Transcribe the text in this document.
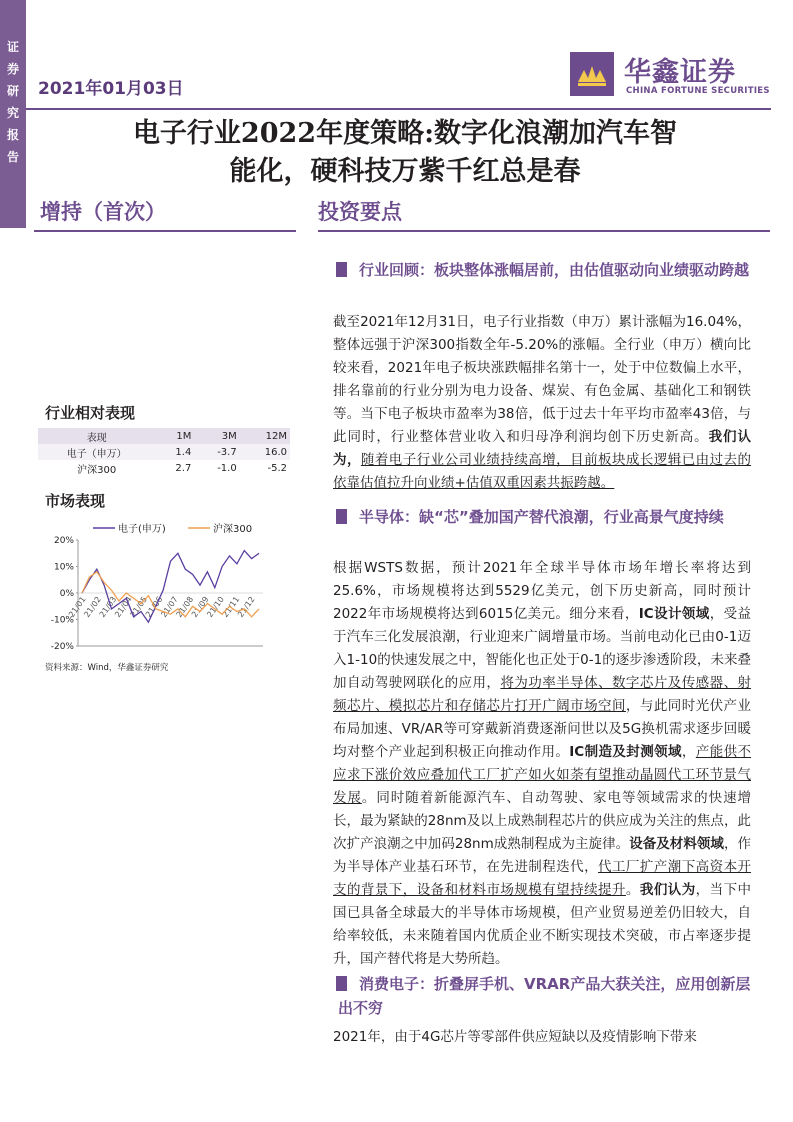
证
券
研
究
报
告
2021年01月03日
华鑫证券
CHINA FORTUNE SECURITIES
电子行业2022年度策略:数字化浪潮加汽车智
能化，硬科技万紫千红总是春
增持（首次）	投资要点
行业相对表现
表现	1M	3M	12M
电子（申万）	1.4	-3.7	16.0
沪深300	2.7	-1.0	-5.2
市场表现
20%
10%
0%
-10%
-20%
21/01
21/02
21/03
21/04
21/05
21/06
21/07
21/08
21/09
21/10
21/11
21/12
电子(申万)	沪深300
资料来源：Wind，华鑫证券研究
行业回顾：板块整体涨幅居前，由估值驱动向业绩驱动跨越
截至2021年12月31日，电子行业指数（申万）累计涨幅为16.04%，整体远强于沪深300指数全年-5.20%的涨幅。全行业（申万）横向比较来看，2021年电子板块涨跌幅排名第十一，处于中位数偏上水平，排名靠前的行业分别为电力设备、煤炭、有色金属、基础化工和钢铁等。当下电子板块市盈率为38倍，低于过去十年平均市盈率43倍，与此同时，行业整体营业收入和归母净利润均创下历史新高。我们认为，随着电子行业公司业绩持续高增，目前板块成长逻辑已由过去的依靠估值拉升向业绩+估值双重因素共振跨越。
半导体：缺“芯”叠加国产替代浪潮，行业高景气度持续
根据WSTS数据，预计2021年全球半导体市场年增长率将达到25.6%，市场规模将达到5529亿美元，创下历史新高，同时预计2022年市场规模将达到6015亿美元。细分来看，IC设计领域，受益于汽车三化发展浪潮，行业迎来广阔增量市场。当前电动化已由0-1迈入1-10的快速发展之中，智能化也正处于0-1的逐步渗透阶段，未来叠加自动驾驶网联化的应用，将为功率半导体、数字芯片及传感器、射频芯片、模拟芯片和存储芯片打开广阔市场空间，与此同时光伏产业布局加速、VR/AR等可穿戴新消费逐渐问世以及5G换机需求逐步回暖均对整个产业起到积极正向推动作用。IC制造及封测领域，产能供不应求下涨价效应叠加代工厂扩产如火如荼有望推动晶圆代工环节景气发展。同时随着新能源汽车、自动驾驶、家电等领域需求的快速增长，最为紧缺的28nm及以上成熟制程芯片的供应成为关注的焦点，此次扩产浪潮之中加码28nm成熟制程成为主旋律。设备及材料领域，作为半导体产业基石环节，在先进制程迭代，代工厂扩产潮下高资本开支的背景下，设备和材料市场规模有望持续提升。我们认为，当下中国已具备全球最大的半导体市场规模，但产业贸易逆差仍旧较大，自给率较低，未来随着国内优质企业不断实现技术突破，市占率逐步提升，国产替代将是大势所趋。
消费电子：折叠屏手机、VRAR产品大获关注，应用创新层出不穷
2021年，由于4G芯片等零部件供应短缺以及疫情影响下带来
